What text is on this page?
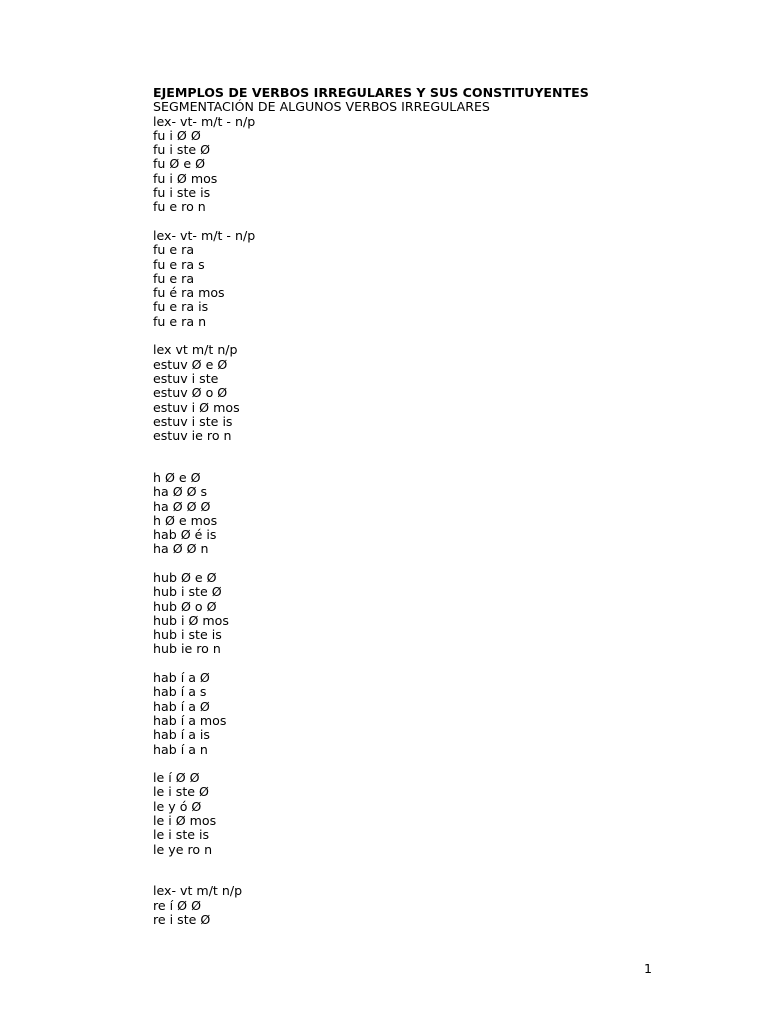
EJEMPLOS DE VERBOS IRREGULARES Y SUS CONSTITUYENTES
SEGMENTACIÓN DE ALGUNOS VERBOS IRREGULARES
lex- vt- m/t - n/p
fu i Ø Ø
fu i ste Ø
fu Ø e Ø
fu i Ø mos
fu i ste is
fu e ro n
lex- vt- m/t - n/p
fu e ra
fu e ra s
fu e ra
fu é ra mos
fu e ra is
fu e ra n
lex vt m/t n/p
estuv Ø e Ø
estuv i ste
estuv Ø o Ø
estuv i Ø mos
estuv i ste is
estuv ie ro n
h Ø e Ø
ha Ø Ø s
ha Ø Ø Ø
h Ø e mos
hab Ø é is
ha Ø Ø n
hub Ø e Ø
hub i ste Ø
hub Ø o Ø
hub i Ø mos
hub i ste is
hub ie ro n
hab í a Ø
hab í a s
hab í a Ø
hab í a mos
hab í a is
hab í a n
le í Ø Ø
le i ste Ø
le y ó Ø
le i Ø mos
le i ste is
le ye ro n
lex- vt m/t n/p
re í Ø Ø
re i ste Ø
1
